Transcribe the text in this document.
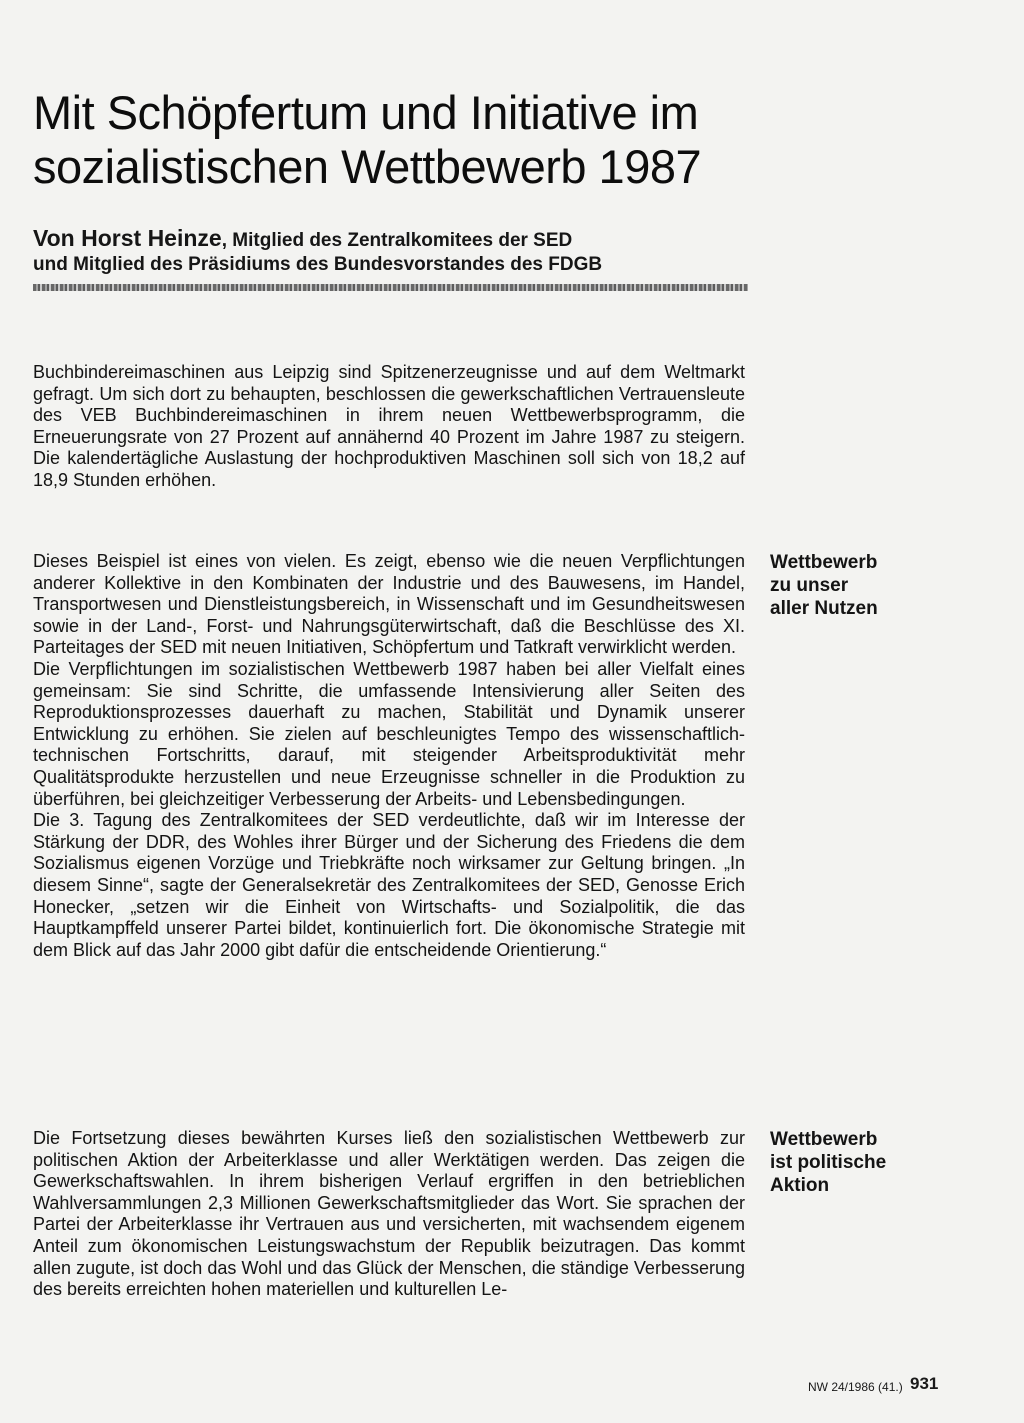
Mit Schöpfertum und Initiative im
sozialistischen Wettbewerb 1987
Von Horst Heinze, Mitglied des Zentralkomitees der SED
und Mitglied des Präsidiums des Bundesvorstandes des FDGB

Buchbindereimaschinen aus Leipzig sind Spitzenerzeugnisse und auf dem Weltmarkt gefragt. Um sich dort zu behaupten, beschlossen die gewerkschaftlichen Vertrauensleute des VEB Buchbindereimaschinen in ihrem neuen Wettbewerbsprogramm, die Erneuerungsrate von 27 Prozent auf annähernd 40 Prozent im Jahre 1987 zu steigern. Die kalendertägliche Auslastung der hochproduktiven Maschinen soll sich von 18,2 auf 18,9 Stunden erhöhen.

Dieses Beispiel ist eines von vielen. Es zeigt, ebenso wie die neuen Verpflichtungen anderer Kollektive in den Kombinaten der Industrie und des Bauwesens, im Handel, Transportwesen und Dienstleistungsbereich, in Wissenschaft und im Gesundheitswesen sowie in der Land-, Forst- und Nahrungsgüterwirtschaft, daß die Beschlüsse des XI. Parteitages der SED mit neuen Initiativen, Schöpfertum und Tatkraft verwirklicht werden.

Die Verpflichtungen im sozialistischen Wettbewerb 1987 haben bei aller Vielfalt eines gemeinsam: Sie sind Schritte, die umfassende Intensivierung aller Seiten des Reproduktionsprozesses dauerhaft zu machen, Stabilität und Dynamik unserer Entwicklung zu erhöhen. Sie zielen auf beschleunigtes Tempo des wissenschaftlich-technischen Fortschritts, darauf, mit steigender Arbeitsproduktivität mehr Qualitätsprodukte herzustellen und neue Erzeugnisse schneller in die Produktion zu überführen, bei gleichzeitiger Verbesserung der Arbeits- und Lebensbedingungen.

Die 3. Tagung des Zentralkomitees der SED verdeutlichte, daß wir im Interesse der Stärkung der DDR, des Wohles ihrer Bürger und der Sicherung des Friedens die dem Sozialismus eigenen Vorzüge und Triebkräfte noch wirksamer zur Geltung bringen. „In diesem Sinne“, sagte der Generalsekretär des Zentralkomitees der SED, Genosse Erich Honecker, „setzen wir die Einheit von Wirtschafts- und Sozialpolitik, die das Hauptkampffeld unserer Partei bildet, kontinuierlich fort. Die ökonomische Strategie mit dem Blick auf das Jahr 2000 gibt dafür die entscheidende Orientierung.“

Die Fortsetzung dieses bewährten Kurses ließ den sozialistischen Wettbewerb zur politischen Aktion der Arbeiterklasse und aller Werktätigen werden. Das zeigen die Gewerkschaftswahlen. In ihrem bisherigen Verlauf ergriffen in den betrieblichen Wahlversammlungen 2,3 Millionen Gewerkschaftsmitglieder das Wort. Sie sprachen der Partei der Arbeiterklasse ihr Vertrauen aus und versicherten, mit wachsendem eigenem Anteil zum ökonomischen Leistungswachstum der Republik beizutragen. Das kommt allen zugute, ist doch das Wohl und das Glück der Menschen, die ständige Verbesserung des bereits erreichten hohen materiellen und kulturellen Le-

Wettbewerb
zu unser
aller Nutzen
Wettbewerb
ist politische
Aktion
NW 24/1986 (41.) 931
